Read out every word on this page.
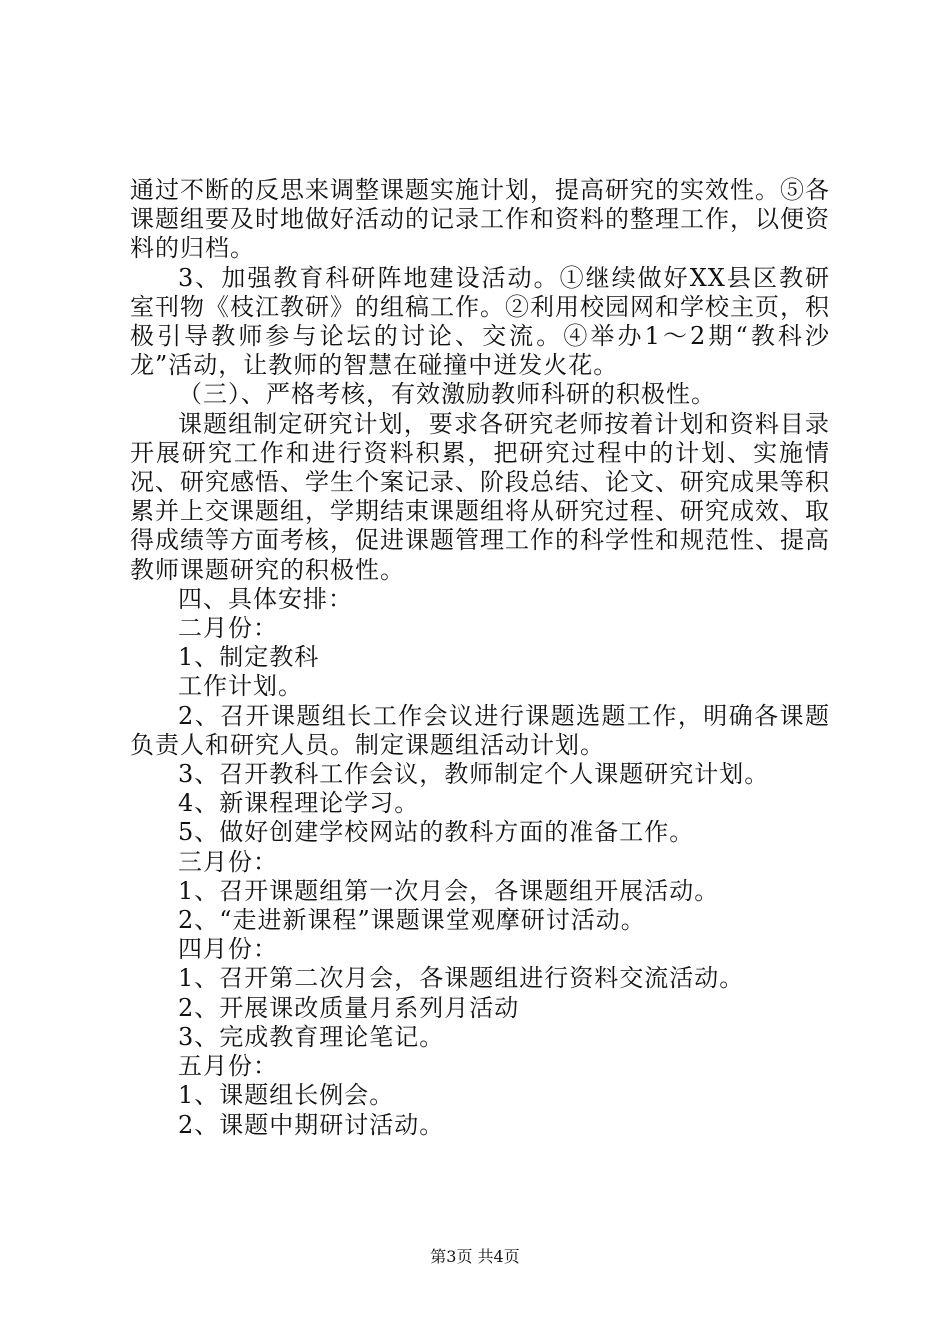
通过不断的反思来调整课题实施计划，提高研究的实效性。⑤各课题组要及时地做好活动的记录工作和资料的整理工作，以便资料的归档。

3、加强教育科研阵地建设活动。①继续做好XX县区教研室刊物《枝江教研》的组稿工作。②利用校园网和学校主页，积极引导教师参与论坛的讨论、交流。④举办1～2期“教科沙龙”活动，让教师的智慧在碰撞中迸发火花。

（三）、严格考核，有效激励教师科研的积极性。

课题组制定研究计划，要求各研究老师按着计划和资料目录开展研究工作和进行资料积累，把研究过程中的计划、实施情况、研究感悟、学生个案记录、阶段总结、论文、研究成果等积累并上交课题组，学期结束课题组将从研究过程、研究成效、取得成绩等方面考核，促进课题管理工作的科学性和规范性、提高教师课题研究的积极性。

四、具体安排：

二月份：

1、制定教科

工作计划。

2、召开课题组长工作会议进行课题选题工作，明确各课题负责人和研究人员。制定课题组活动计划。

3、召开教科工作会议，教师制定个人课题研究计划。

4、新课程理论学习。

5、做好创建学校网站的教科方面的准备工作。

三月份：

1、召开课题组第一次月会，各课题组开展活动。

2、“走进新课程”课题课堂观摩研讨活动。

四月份：

1、召开第二次月会，各课题组进行资料交流活动。

2、开展课改质量月系列月活动

3、完成教育理论笔记。

五月份：

1、课题组长例会。

2、课题中期研讨活动。

第3页 共4页
